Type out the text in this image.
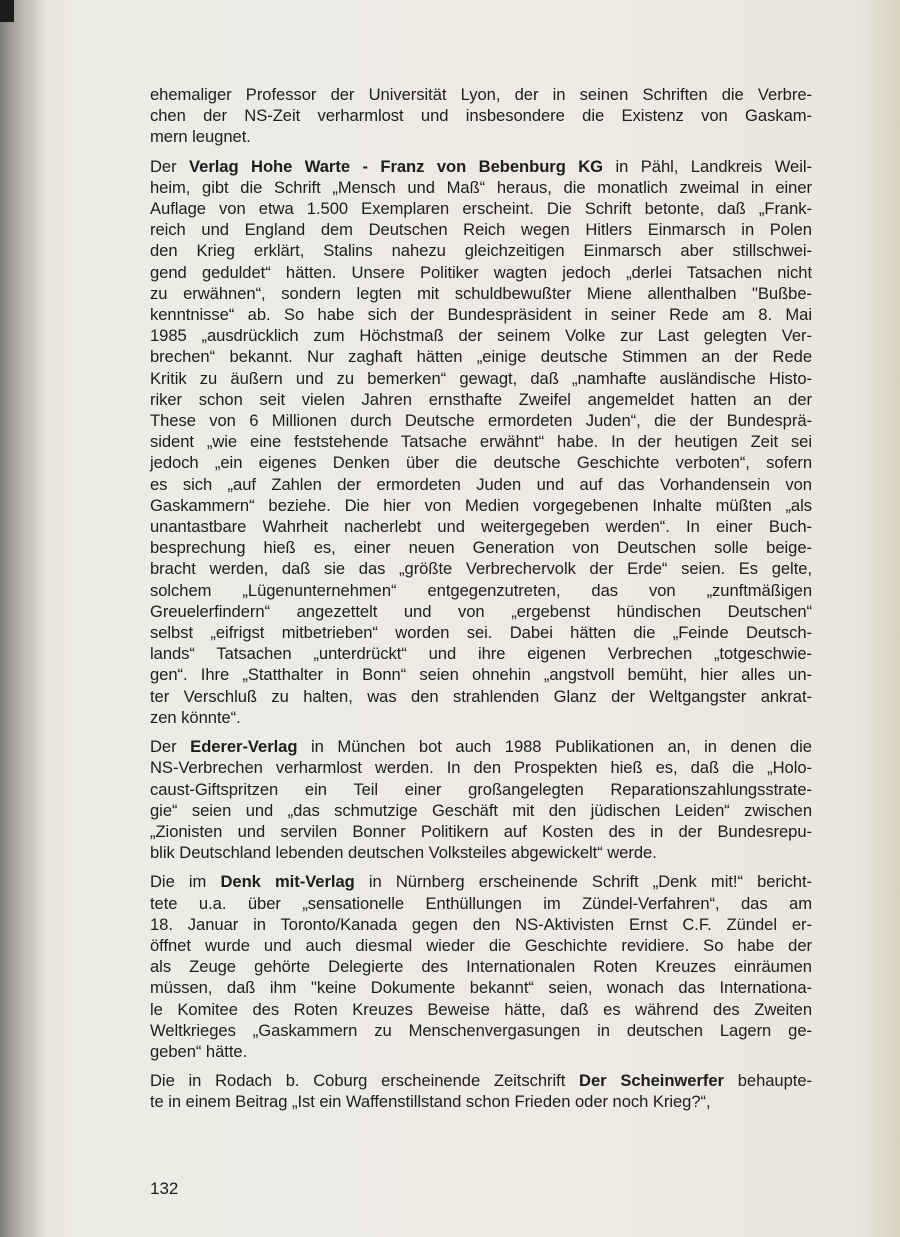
ehemaliger Professor der Universität Lyon, der in seinen Schriften die Verbre-
chen der NS-Zeit verharmlost und insbesondere die Existenz von Gaskam-
mern leugnet.
Der Verlag Hohe Warte - Franz von Bebenburg KG in Pähl, Landkreis Weil-
heim, gibt die Schrift „Mensch und Maß“ heraus, die monatlich zweimal in einer
Auflage von etwa 1.500 Exemplaren erscheint. Die Schrift betonte, daß „Frank-
reich und England dem Deutschen Reich wegen Hitlers Einmarsch in Polen
den Krieg erklärt, Stalins nahezu gleichzeitigen Einmarsch aber stillschwei-
gend geduldet“ hätten. Unsere Politiker wagten jedoch „derlei Tatsachen nicht
zu erwähnen“, sondern legten mit schuldbewußter Miene allenthalben "Bußbe-
kenntnisse“ ab. So habe sich der Bundespräsident in seiner Rede am 8. Mai
1985 „ausdrücklich zum Höchstmaß der seinem Volke zur Last gelegten Ver-
brechen“ bekannt. Nur zaghaft hätten „einige deutsche Stimmen an der Rede
Kritik zu äußern und zu bemerken“ gewagt, daß „namhafte ausländische Histo-
riker schon seit vielen Jahren ernsthafte Zweifel angemeldet hatten an der
These von 6 Millionen durch Deutsche ermordeten Juden“, die der Bundesprä-
sident „wie eine feststehende Tatsache erwähnt“ habe. In der heutigen Zeit sei
jedoch „ein eigenes Denken über die deutsche Geschichte verboten“, sofern
es sich „auf Zahlen der ermordeten Juden und auf das Vorhandensein von
Gaskammern“ beziehe. Die hier von Medien vorgegebenen Inhalte müßten „als
unantastbare Wahrheit nacherlebt und weitergegeben werden“. In einer Buch-
besprechung hieß es, einer neuen Generation von Deutschen solle beige-
bracht werden, daß sie das „größte Verbrechervolk der Erde“ seien. Es gelte,
solchem „Lügenunternehmen“ entgegenzutreten, das von „zunftmäßigen
Greuelerfindern“ angezettelt und von „ergebenst hündischen Deutschen“
selbst „eifrigst mitbetrieben“ worden sei. Dabei hätten die „Feinde Deutsch-
lands“ Tatsachen „unterdrückt“ und ihre eigenen Verbrechen „totgeschwie-
gen“. Ihre „Statthalter in Bonn“ seien ohnehin „angstvoll bemüht, hier alles un-
ter Verschluß zu halten, was den strahlenden Glanz der Weltgangster ankrat-
zen könnte“.
Der Ederer-Verlag in München bot auch 1988 Publikationen an, in denen die
NS-Verbrechen verharmlost werden. In den Prospekten hieß es, daß die „Holo-
caust-Giftspritzen ein Teil einer großangelegten Reparationszahlungsstrate-
gie“ seien und „das schmutzige Geschäft mit den jüdischen Leiden“ zwischen
„Zionisten und servilen Bonner Politikern auf Kosten des in der Bundesrepu-
blik Deutschland lebenden deutschen Volksteiles abgewickelt“ werde.
Die im Denk mit-Verlag in Nürnberg erscheinende Schrift „Denk mit!“ bericht-
tete u.a. über „sensationelle Enthüllungen im Zündel-Verfahren“, das am
18. Januar in Toronto/Kanada gegen den NS-Aktivisten Ernst C.F. Zündel er-
öffnet wurde und auch diesmal wieder die Geschichte revidiere. So habe der
als Zeuge gehörte Delegierte des Internationalen Roten Kreuzes einräumen
müssen, daß ihm "keine Dokumente bekannt“ seien, wonach das Internationa-
le Komitee des Roten Kreuzes Beweise hätte, daß es während des Zweiten
Weltkrieges „Gaskammern zu Menschenvergasungen in deutschen Lagern ge-
geben“ hätte.
Die in Rodach b. Coburg erscheinende Zeitschrift Der Scheinwerfer behaupte-
te in einem Beitrag „Ist ein Waffenstillstand schon Frieden oder noch Krieg?“,
132
